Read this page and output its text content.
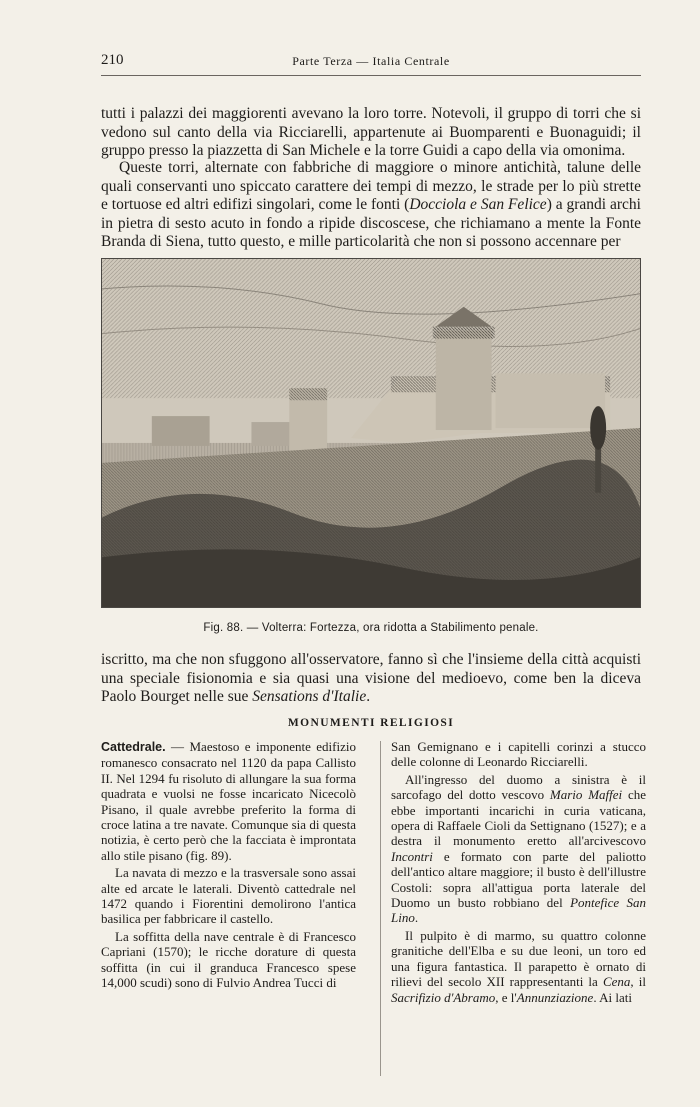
210	Parte Terza — Italia Centrale

tutti i palazzi dei maggiorenti avevano la loro torre. Notevoli, il gruppo di torri che si vedono sul canto della via Ricciarelli, appartenute ai Buomparenti e Buonaguidi; il gruppo presso la piazzetta di San Michele e la torre Guidi a capo della via omonima.

Queste torri, alternate con fabbriche di maggiore o minore antichità, talune delle quali conservanti uno spiccato carattere dei tempi di mezzo, le strade per lo più strette e tortuose ed altri edifizi singolari, come le fonti (Docciola e San Felice) a grandi archi in pietra di sesto acuto in fondo a ripide discoscese, che richiamano a mente la Fonte Branda di Siena, tutto questo, e mille particolarità che non si possono accennare per

Fig. 88. — Volterra: Fortezza, ora ridotta a Stabilimento penale.

iscritto, ma che non sfuggono all'osservatore, fanno sì che l'insieme della città acquisti una speciale fisionomia e sia quasi una visione del medioevo, come ben la diceva Paolo Bourget nelle sue Sensations d'Italie.

MONUMENTI RELIGIOSI

Cattedrale. — Maestoso e imponente edifizio romanesco consacrato nel 1120 da papa Callisto II. Nel 1294 fu risoluto di allungare la sua forma quadrata e vuolsi ne fosse incaricato Nicecolò Pisano, il quale avrebbe preferito la forma di croce latina a tre navate. Comunque sia di questa notizia, è certo però che la facciata è improntata allo stile pisano (fig. 89).

La navata di mezzo e la trasversale sono assai alte ed arcate le laterali. Diventò cattedrale nel 1472 quando i Fiorentini demolirono l'antica basilica per fabbricare il castello.

La soffitta della nave centrale è di Francesco Capriani (1570); le ricche dorature di questa soffitta (in cui il granduca Francesco spese 14,000 scudi) sono di Fulvio Andrea Tucci di

San Gemignano e i capitelli corinzi a stucco delle colonne di Leonardo Ricciarelli.

All'ingresso del duomo a sinistra è il sarcofago del dotto vescovo Mario Maffei che ebbe importanti incarichi in curia vaticana, opera di Raffaele Cioli da Settignano (1527); e a destra il monumento eretto all'arcivescovo Incontri e formato con parte del paliotto dell'antico altare maggiore; il busto è dell'illustre Costoli: sopra all'attigua porta laterale del Duomo un busto robbiano del Pontefice San Lino.

Il pulpito è di marmo, su quattro colonne granitiche dell'Elba e su due leoni, un toro ed una figura fantastica. Il parapetto è ornato di rilievi del secolo XII rappresentanti la Cena, il Sacrifizio d'Abramo, e l'Annunziazione. Ai lati
